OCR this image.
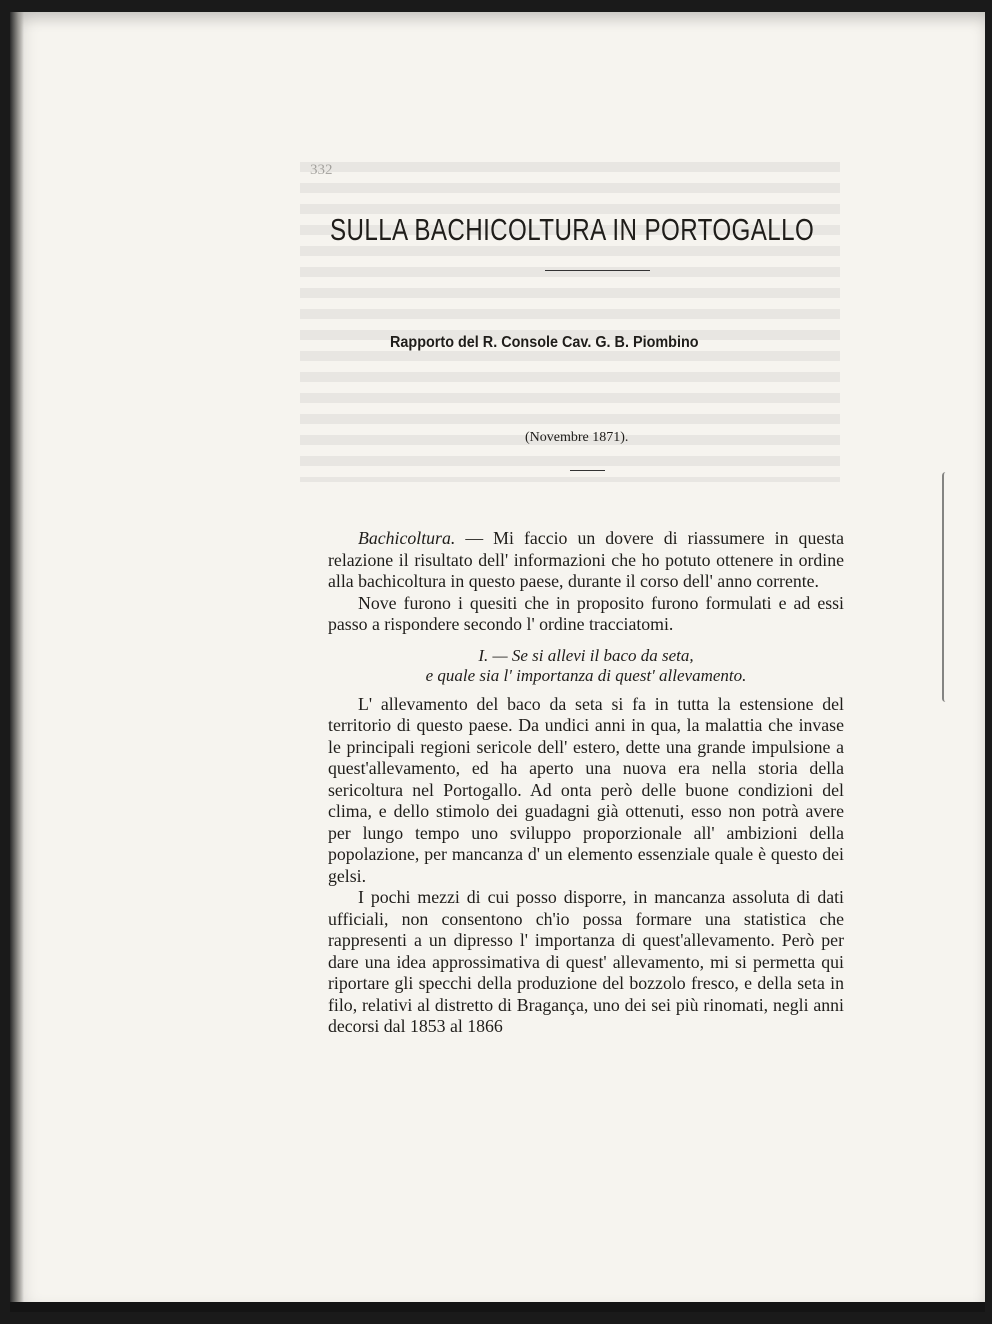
332
SULLA BACHICOLTURA IN PORTOGALLO

Rapporto del R. Console Cav. G. B. Piombino

(Novembre 1871).

Bachicoltura. — Mi faccio un dovere di riassumere in questa relazione il risultato dell' informazioni che ho potuto ottenere in ordine alla bachicoltura in questo paese, durante il corso dell' anno corrente.

Nove furono i quesiti che in proposito furono formulati e ad essi passo a rispondere secondo l' ordine tracciatomi.

I. — Se si allevi il baco da seta,
e quale sia l' importanza di quest' allevamento.

L' allevamento del baco da seta si fa in tutta la estensione del territorio di questo paese. Da undici anni in qua, la malattia che invase le principali regioni sericole dell' estero, dette una grande impulsione a quest'allevamento, ed ha aperto una nuova era nella storia della sericoltura nel Portogallo. Ad onta però delle buone condizioni del clima, e dello stimolo dei guadagni già ottenuti, esso non potrà avere per lungo tempo uno sviluppo proporzionale all' ambizioni della popolazione, per mancanza d' un elemento essenziale quale è questo dei gelsi.

I pochi mezzi di cui posso disporre, in mancanza assoluta di dati ufficiali, non consentono ch'io possa formare una statistica che rappresenti a un dipresso l' importanza di quest'allevamento. Però per dare una idea approssimativa di quest' allevamento, mi si permetta qui riportare gli specchi della produzione del bozzolo fresco, e della seta in filo, relativi al distretto di Bragança, uno dei sei più rinomati, negli anni decorsi dal 1853 al 1866
